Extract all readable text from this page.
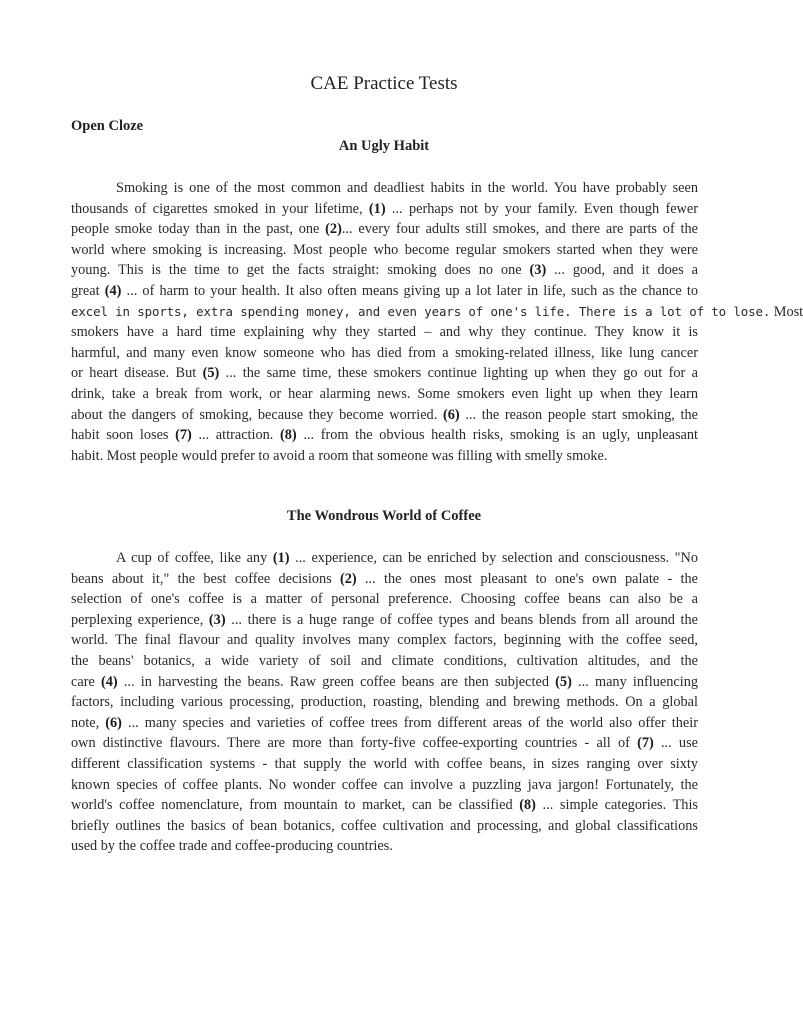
CAE Practice Tests
Open Cloze
An Ugly Habit
Smoking is one of the most common and deadliest habits in the world. You have probably seen
thousands of cigarettes smoked in your lifetime, (1) ... perhaps not by your family. Even though fewer
people smoke today than in the past, one (2)... every four adults still smokes, and there are parts of the
world where smoking is increasing. Most people who become regular smokers started when they were
young. This is the time to get the facts straight: smoking does no one (3) ... good, and it does a
great (4) ... of harm to your health. It also often means giving up a lot later in life, such as the chance to
excel in sports, extra spending money, and even years of one's life. There is a lot of to lose. Most
smokers have a hard time explaining why they started – and why they continue. They know it is
harmful, and many even know someone who has died from a smoking-related illness, like lung cancer
or heart disease. But (5) ... the same time, these smokers continue lighting up when they go out for a
drink, take a break from work, or hear alarming news. Some smokers even light up when they learn
about the dangers of smoking, because they become worried. (6) ... the reason people start smoking, the
habit soon loses (7) ... attraction. (8) ... from the obvious health risks, smoking is an ugly, unpleasant
habit. Most people would prefer to avoid a room that someone was filling with smelly smoke.
The Wondrous World of Coffee
A cup of coffee, like any (1) ... experience, can be enriched by selection and consciousness. "No
beans about it," the best coffee decisions (2) ... the ones most pleasant to one's own palate - the
selection of one's coffee is a matter of personal preference. Choosing coffee beans can also be a
perplexing experience, (3) ... there is a huge range of coffee types and beans blends from all around the
world. The final flavour and quality involves many complex factors, beginning with the coffee seed,
the beans' botanics, a wide variety of soil and climate conditions, cultivation altitudes, and the
care (4) ... in harvesting the beans. Raw green coffee beans are then subjected (5) ... many influencing
factors, including various processing, production, roasting, blending and brewing methods. On a global
note, (6) ... many species and varieties of coffee trees from different areas of the world also offer their
own distinctive flavours. There are more than forty-five coffee-exporting countries - all of (7) ... use
different classification systems - that supply the world with coffee beans, in sizes ranging over sixty
known species of coffee plants. No wonder coffee can involve a puzzling java jargon! Fortunately, the
world's coffee nomenclature, from mountain to market, can be classified (8) ... simple categories. This
briefly outlines the basics of bean botanics, coffee cultivation and processing, and global classifications
used by the coffee trade and coffee-producing countries.
